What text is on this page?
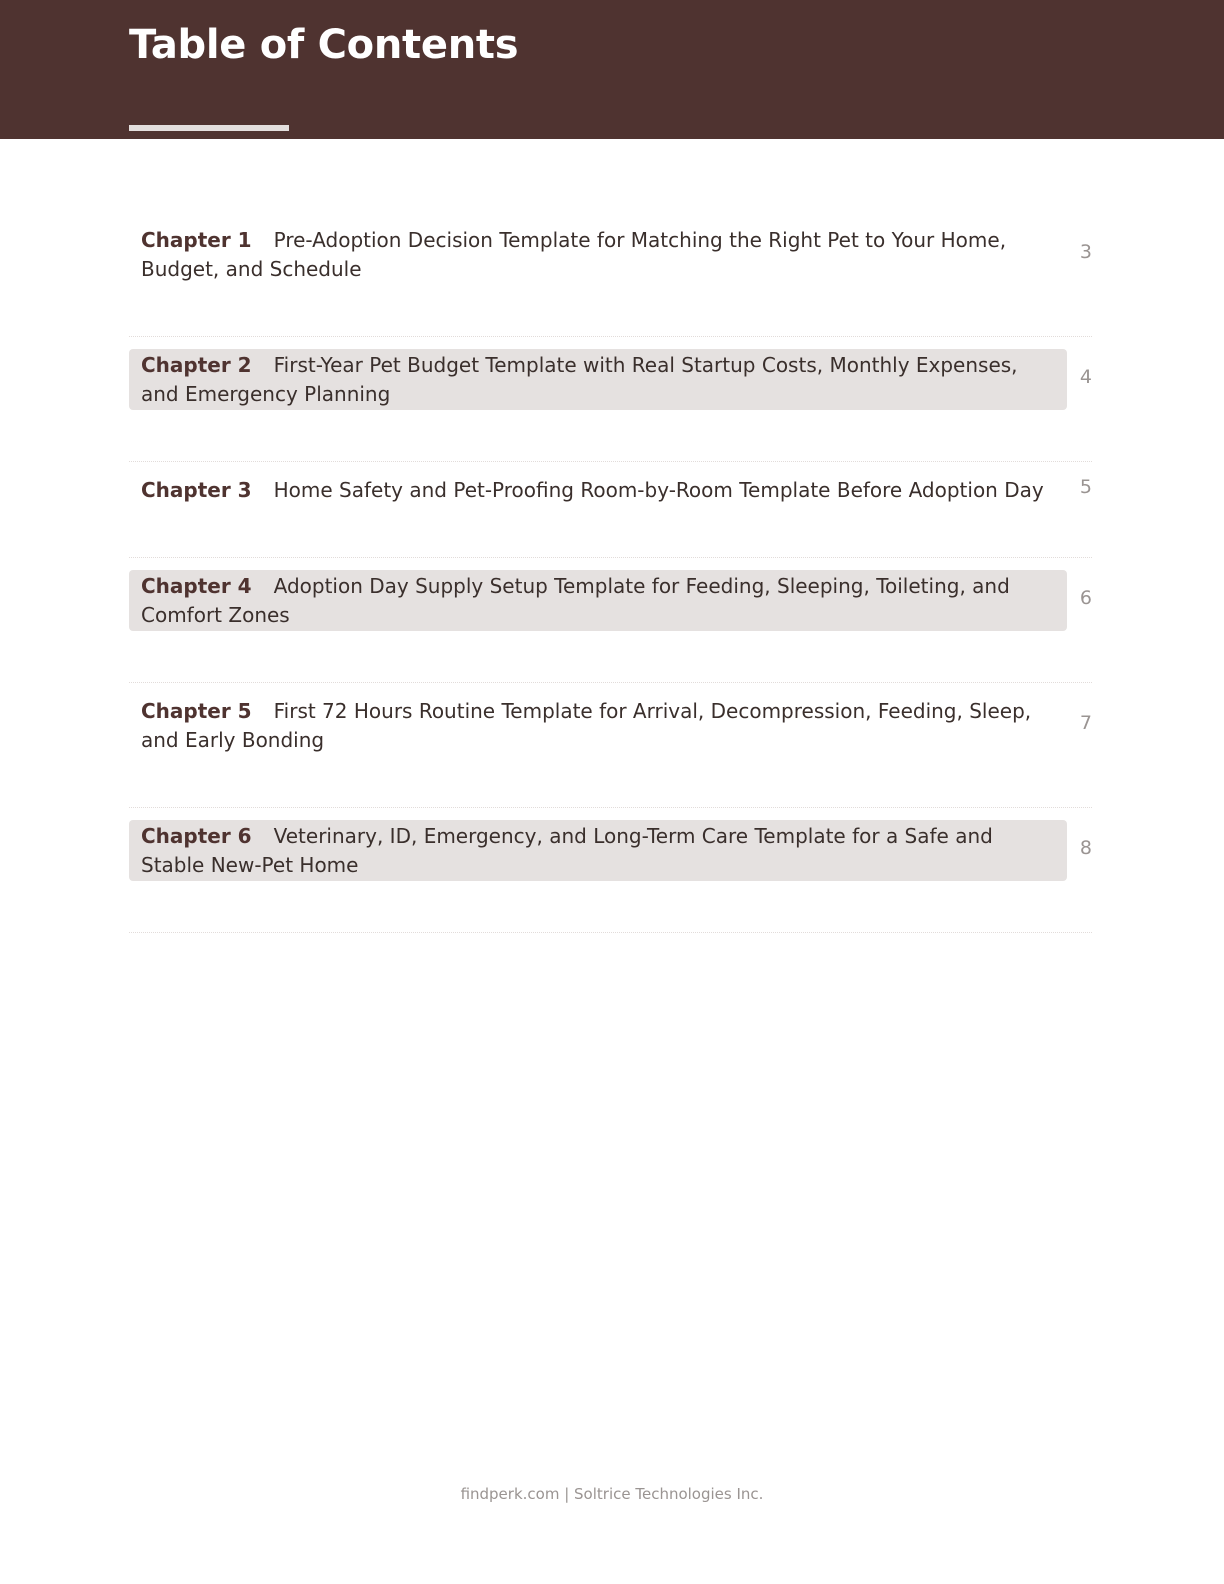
Table of Contents
Chapter 1 Pre-Adoption Decision Template for Matching the Right Pet to Your Home, Budget, and Schedule
3
Chapter 2 First-Year Pet Budget Template with Real Startup Costs, Monthly Expenses, and Emergency Planning
4
Chapter 3 Home Safety and Pet-Proofing Room-by-Room Template Before Adoption Day	5
Chapter 4 Adoption Day Supply Setup Template for Feeding, Sleeping, Toileting, and Comfort Zones
6
Chapter 5 First 72 Hours Routine Template for Arrival, Decompression, Feeding, Sleep, and Early Bonding
7
Chapter 6 Veterinary, ID, Emergency, and Long-Term Care Template for a Safe and Stable New-Pet Home
8
findperk.com | Soltrice Technologies Inc.
